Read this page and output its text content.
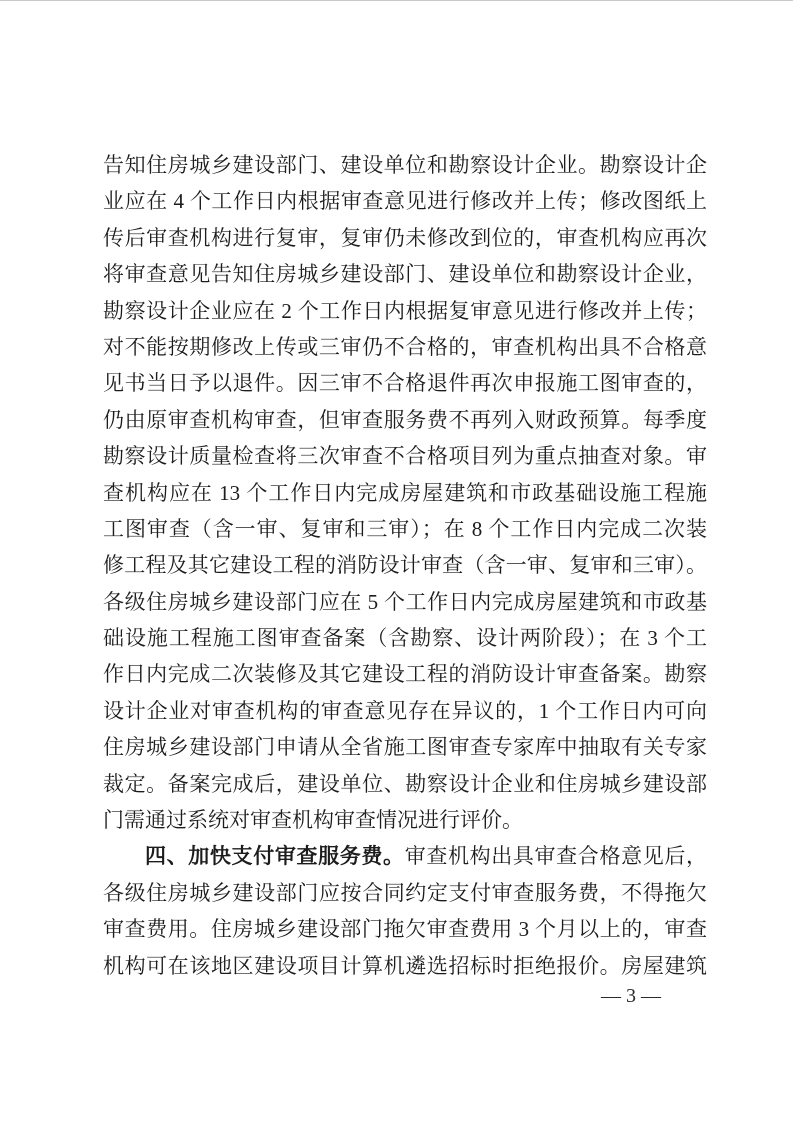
告知住房城乡建设部门、建设单位和勘察设计企业。勘察设计企
业应在 4 个工作日内根据审查意见进行修改并上传；修改图纸上
传后审查机构进行复审，复审仍未修改到位的，审查机构应再次
将审查意见告知住房城乡建设部门、建设单位和勘察设计企业，
勘察设计企业应在 2 个工作日内根据复审意见进行修改并上传；
对不能按期修改上传或三审仍不合格的，审查机构出具不合格意
见书当日予以退件。因三审不合格退件再次申报施工图审查的，
仍由原审查机构审查，但审查服务费不再列入财政预算。每季度
勘察设计质量检查将三次审查不合格项目列为重点抽查对象。审
查机构应在 13 个工作日内完成房屋建筑和市政基础设施工程施
工图审查（含一审、复审和三审）；在 8 个工作日内完成二次装
修工程及其它建设工程的消防设计审查（含一审、复审和三审）。
各级住房城乡建设部门应在 5 个工作日内完成房屋建筑和市政基
础设施工程施工图审查备案（含勘察、设计两阶段）；在 3 个工
作日内完成二次装修及其它建设工程的消防设计审查备案。勘察
设计企业对审查机构的审查意见存在异议的，1 个工作日内可向
住房城乡建设部门申请从全省施工图审查专家库中抽取有关专家
裁定。备案完成后，建设单位、勘察设计企业和住房城乡建设部
门需通过系统对审查机构审查情况进行评价。
四、加快支付审查服务费。审查机构出具审查合格意见后，
各级住房城乡建设部门应按合同约定支付审查服务费，不得拖欠
审查费用。住房城乡建设部门拖欠审查费用 3 个月以上的，审查
机构可在该地区建设项目计算机遴选招标时拒绝报价。房屋建筑
— 3 —
